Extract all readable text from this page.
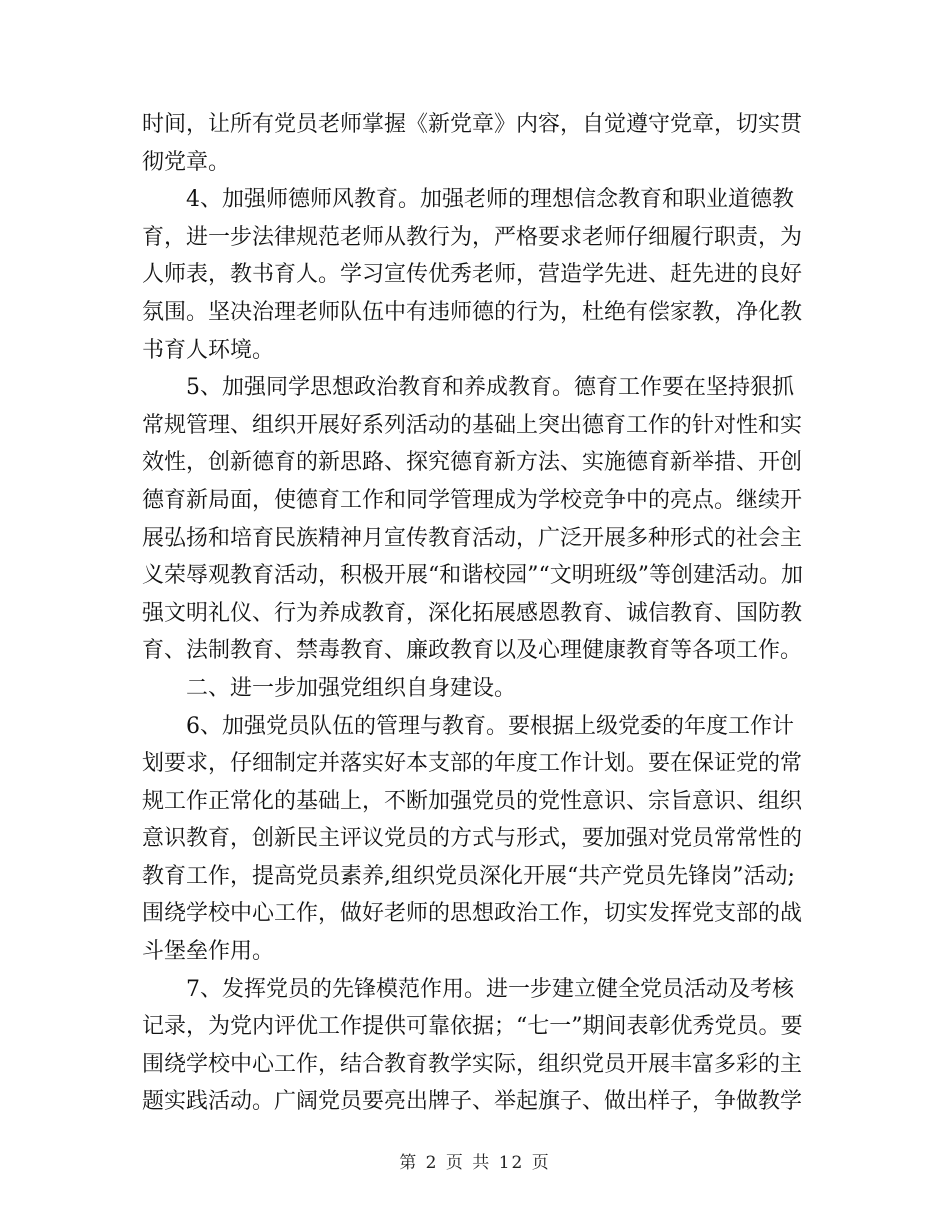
时间，让所有党员老师掌握《新党章》内容，自觉遵守党章，切实贯彻党章。

4、加强师德师风教育。加强老师的理想信念教育和职业道德教育，进一步法律规范老师从教行为，严格要求老师仔细履行职责，为人师表，教书育人。学习宣传优秀老师，营造学先进、赶先进的良好氛围。坚决治理老师队伍中有违师德的行为，杜绝有偿家教，净化教书育人环境。

5、加强同学思想政治教育和养成教育。德育工作要在坚持狠抓常规管理、组织开展好系列活动的基础上突出德育工作的针对性和实效性，创新德育的新思路、探究德育新方法、实施德育新举措、开创德育新局面，使德育工作和同学管理成为学校竞争中的亮点。继续开展弘扬和培育民族精神月宣传教育活动，广泛开展多种形式的社会主义荣辱观教育活动，积极开展“和谐校园”“文明班级”等创建活动。加强文明礼仪、行为养成教育，深化拓展感恩教育、诚信教育、国防教育、法制教育、禁毒教育、廉政教育以及心理健康教育等各项工作。

二、进一步加强党组织自身建设。

6、加强党员队伍的管理与教育。要根据上级党委的年度工作计划要求，仔细制定并落实好本支部的年度工作计划。要在保证党的常规工作正常化的基础上，不断加强党员的党性意识、宗旨意识、组织意识教育，创新民主评议党员的方式与形式，要加强对党员常常性的教育工作，提高党员素养,组织党员深化开展“共产党员先锋岗”活动;围绕学校中心工作，做好老师的思想政治工作，切实发挥党支部的战斗堡垒作用。

7、发挥党员的先锋模范作用。进一步建立健全党员活动及考核记录，为党内评优工作提供可靠依据；“七一”期间表彰优秀党员。要围绕学校中心工作，结合教育教学实际，组织党员开展丰富多彩的主题实践活动。广阔党员要亮出牌子、举起旗子、做出样子，争做教学

第 2 页 共 12 页
